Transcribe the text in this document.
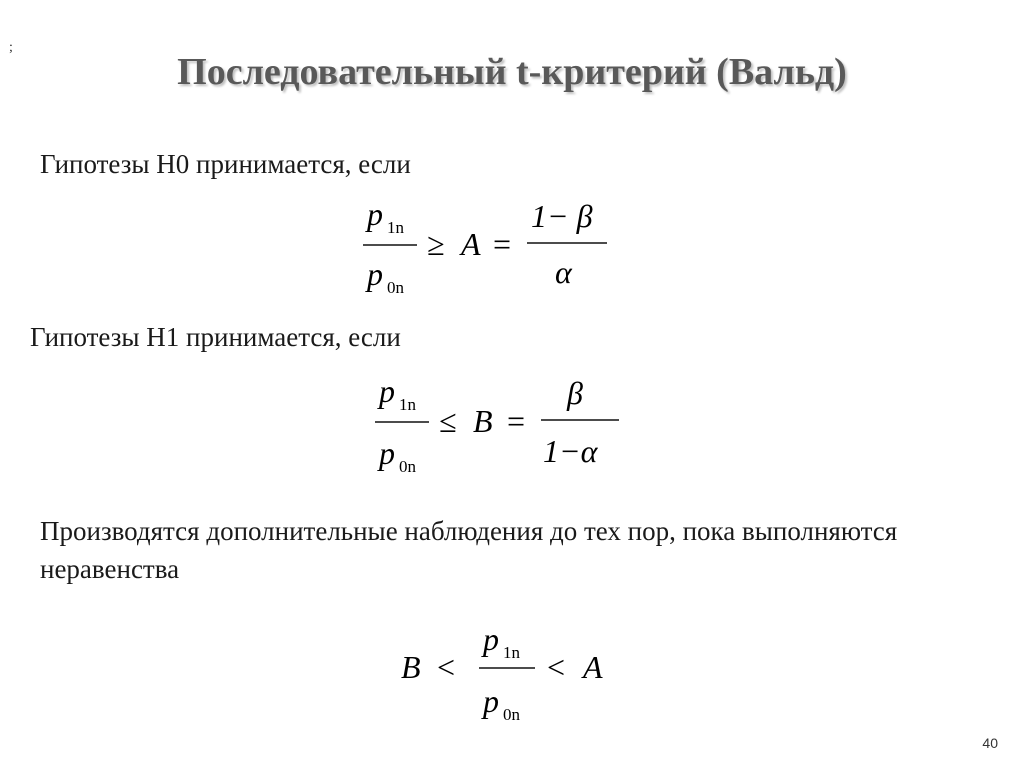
;
Последовательный t-критерий (Вальд)
Гипотезы Н0 принимается, если
p 1n
p 0n
≥ A =
1− β
α
Гипотезы Н1 принимается, если
p 1n
p 0n
≤ B =
β
1−α
Производятся дополнительные наблюдения до тех пор, пока выполняются неравенства
B <
p 1n
p 0n
< A
40
